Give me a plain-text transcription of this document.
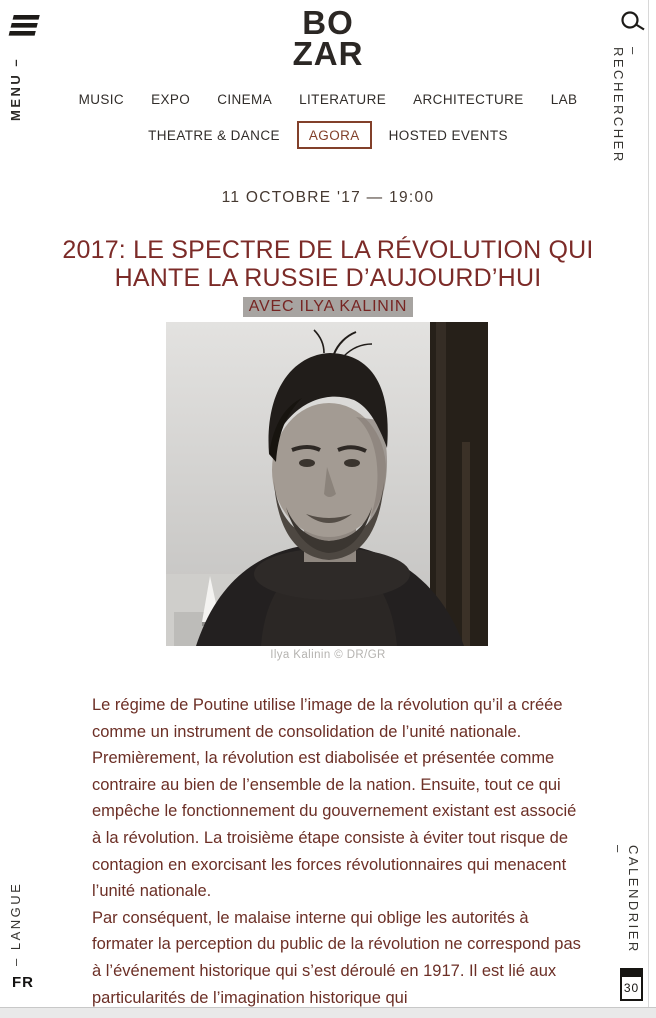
MENU –
– LANGUE
FR
– RECHERCHER
CALENDRIER –
30
BO
ZAR
MUSIC EXPO CINEMA LITERATURE ARCHITECTURE LAB
THEATRE & DANCE	AGORA	HOSTED EVENTS
11 OCTOBRE '17 — 19:00
2017: LE SPECTRE DE LA RÉVOLUTION QUI
HANTE LA RUSSIE D’AUJOURD’HUI
AVEC ILYA KALININ
Ilya Kalinin © DR/GR

Le régime de Poutine utilise l’image de la révolution qu’il a créée comme un instrument de consolidation de l’unité nationale. Premièrement, la révolution est diabolisée et présentée comme contraire au bien de l’ensemble de la nation. Ensuite, tout ce qui empêche le fonctionnement du gouvernement existant est associé à la révolution. La troisième étape consiste à éviter tout risque de contagion en exorcisant les forces révolutionnaires qui menacent l’unité nationale.

Par conséquent, le malaise interne qui oblige les autorités à formater la perception du public de la révolution ne correspond pas à l’événement historique qui s’est déroulé en 1917. Il est lié aux particularités de l’imagination historique qui
